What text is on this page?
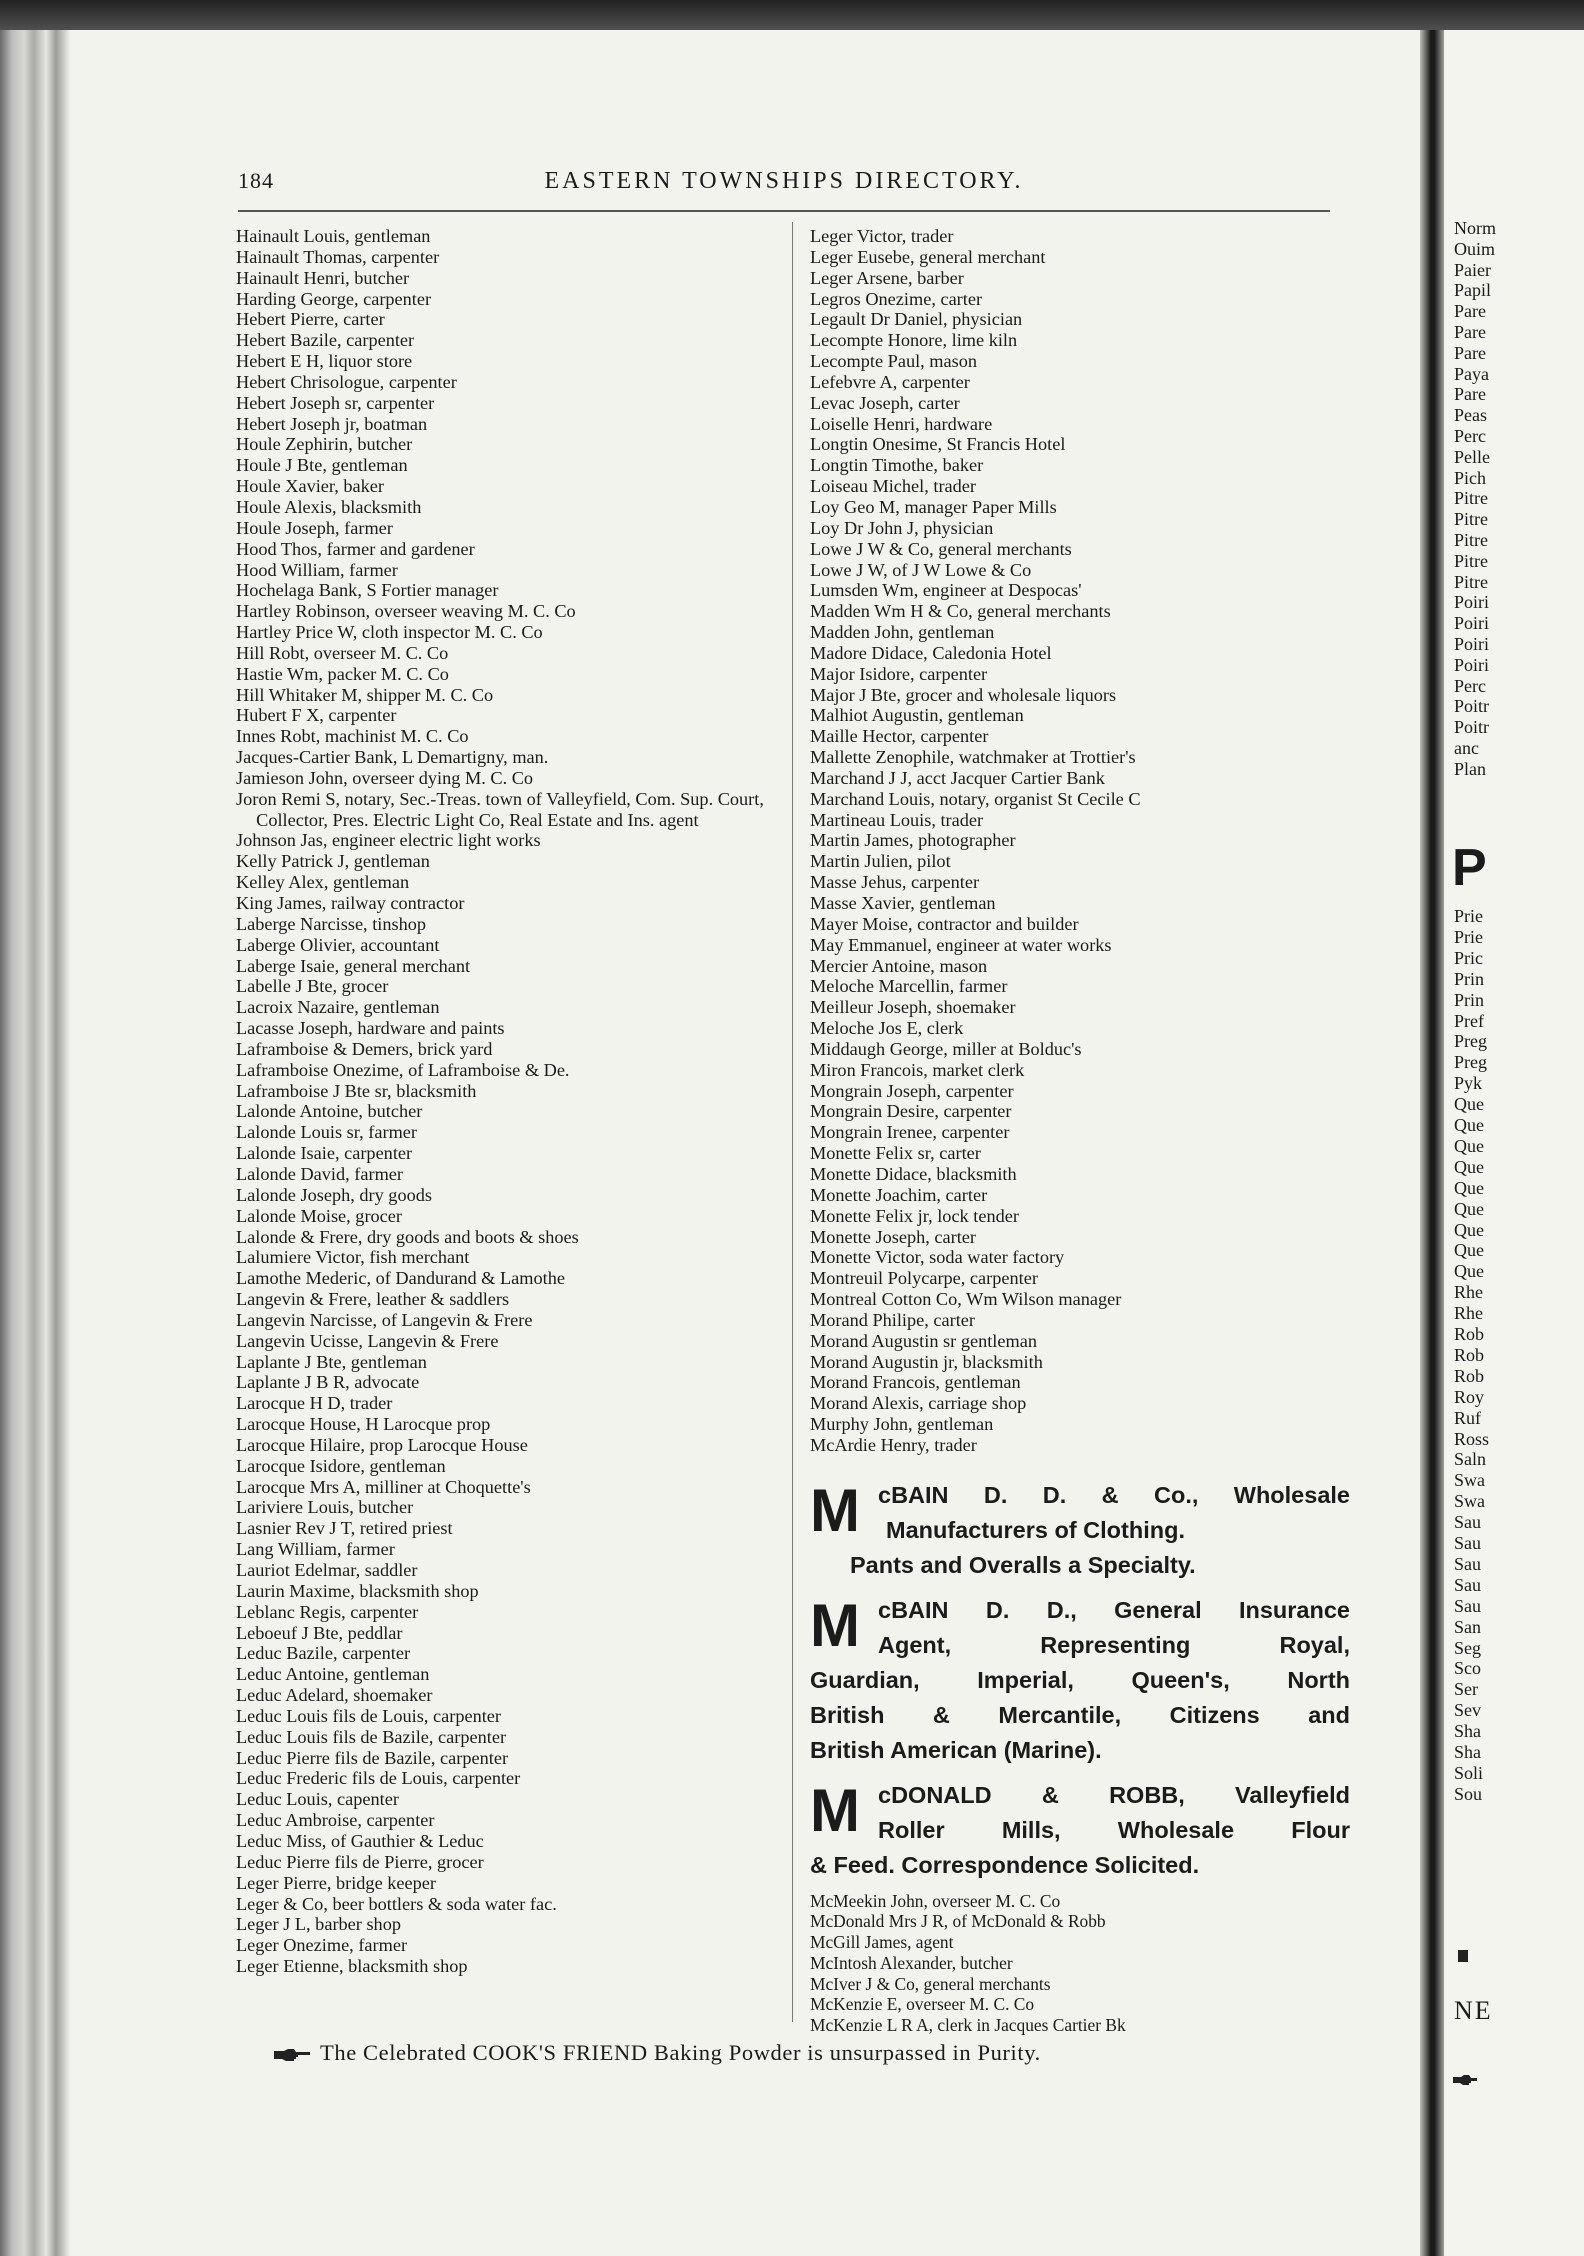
184	EASTERN TOWNSHIPS DIRECTORY.
Hainault Louis, gentleman
Hainault Thomas, carpenter
Hainault Henri, butcher
Harding George, carpenter
Hebert Pierre, carter
Hebert Bazile, carpenter
Hebert E H, liquor store
Hebert Chrisologue, carpenter
Hebert Joseph sr, carpenter
Hebert Joseph jr, boatman
Houle Zephirin, butcher
Houle J Bte, gentleman
Houle Xavier, baker
Houle Alexis, blacksmith
Houle Joseph, farmer
Hood Thos, farmer and gardener
Hood William, farmer
Hochelaga Bank, S Fortier manager
Hartley Robinson, overseer weaving M. C. Co
Hartley Price W, cloth inspector M. C. Co
Hill Robt, overseer M. C. Co
Hastie Wm, packer M. C. Co
Hill Whitaker M, shipper M. C. Co
Hubert F X, carpenter
Innes Robt, machinist M. C. Co
Jacques-Cartier Bank, L Demartigny, man.
Jamieson John, overseer dying M. C. Co
Joron Remi S, notary, Sec.-Treas. town of Valleyfield, Com. Sup. Court, Collector, Pres. Electric Light Co, Real Estate and Ins. agent
Johnson Jas, engineer electric light works
Kelly Patrick J, gentleman
Kelley Alex, gentleman
King James, railway contractor
Laberge Narcisse, tinshop
Laberge Olivier, accountant
Laberge Isaie, general merchant
Labelle J Bte, grocer
Lacroix Nazaire, gentleman
Lacasse Joseph, hardware and paints
Laframboise & Demers, brick yard
Laframboise Onezime, of Laframboise & De.
Laframboise J Bte sr, blacksmith
Lalonde Antoine, butcher
Lalonde Louis sr, farmer
Lalonde Isaie, carpenter
Lalonde David, farmer
Lalonde Joseph, dry goods
Lalonde Moise, grocer
Lalonde & Frere, dry goods and boots & shoes
Lalumiere Victor, fish merchant
Lamothe Mederic, of Dandurand & Lamothe
Langevin & Frere, leather & saddlers
Langevin Narcisse, of Langevin & Frere
Langevin Ucisse, Langevin & Frere
Laplante J Bte, gentleman
Laplante J B R, advocate
Larocque H D, trader
Larocque House, H Larocque prop
Larocque Hilaire, prop Larocque House
Larocque Isidore, gentleman
Larocque Mrs A, milliner at Choquette's
Lariviere Louis, butcher
Lasnier Rev J T, retired priest
Lang William, farmer
Lauriot Edelmar, saddler
Laurin Maxime, blacksmith shop
Leblanc Regis, carpenter
Leboeuf J Bte, peddlar
Leduc Bazile, carpenter
Leduc Antoine, gentleman
Leduc Adelard, shoemaker
Leduc Louis fils de Louis, carpenter
Leduc Louis fils de Bazile, carpenter
Leduc Pierre fils de Bazile, carpenter
Leduc Frederic fils de Louis, carpenter
Leduc Louis, capenter
Leduc Ambroise, carpenter
Leduc Miss, of Gauthier & Leduc
Leduc Pierre fils de Pierre, grocer
Leger Pierre, bridge keeper
Leger & Co, beer bottlers & soda water fac.
Leger J L, barber shop
Leger Onezime, farmer
Leger Etienne, blacksmith shop
Leger Victor, trader
Leger Eusebe, general merchant
Leger Arsene, barber
Legros Onezime, carter
Legault Dr Daniel, physician
Lecompte Honore, lime kiln
Lecompte Paul, mason
Lefebvre A, carpenter
Levac Joseph, carter
Loiselle Henri, hardware
Longtin Onesime, St Francis Hotel
Longtin Timothe, baker
Loiseau Michel, trader
Loy Geo M, manager Paper Mills
Loy Dr John J, physician
Lowe J W & Co, general merchants
Lowe J W, of J W Lowe & Co
Lumsden Wm, engineer at Despocas'
Madden Wm H & Co, general merchants
Madden John, gentleman
Madore Didace, Caledonia Hotel
Major Isidore, carpenter
Major J Bte, grocer and wholesale liquors
Malhiot Augustin, gentleman
Maille Hector, carpenter
Mallette Zenophile, watchmaker at Trottier's
Marchand J J, acct Jacquer Cartier Bank
Marchand Louis, notary, organist St Cecile C
Martineau Louis, trader
Martin James, photographer
Martin Julien, pilot
Masse Jehus, carpenter
Masse Xavier, gentleman
Mayer Moise, contractor and builder
May Emmanuel, engineer at water works
Mercier Antoine, mason
Meloche Marcellin, farmer
Meilleur Joseph, shoemaker
Meloche Jos E, clerk
Middaugh George, miller at Bolduc's
Miron Francois, market clerk
Mongrain Joseph, carpenter
Mongrain Desire, carpenter
Mongrain Irenee, carpenter
Monette Felix sr, carter
Monette Didace, blacksmith
Monette Joachim, carter
Monette Felix jr, lock tender
Monette Joseph, carter
Monette Victor, soda water factory
Montreuil Polycarpe, carpenter
Montreal Cotton Co, Wm Wilson manager
Morand Philipe, carter
Morand Augustin sr gentleman
Morand Augustin jr, blacksmith
Morand Francois, gentleman
Morand Alexis, carriage shop
Murphy John, gentleman
McArdie Henry, trader
M cBAIN D. D. & Co., Wholesale
Manufacturers of Clothing.
Pants and Overalls a Specialty.
M cBAIN D. D., General Insurance
Agent, Representing Royal,
Guardian, Imperial, Queen's, North
British & Mercantile, Citizens and
British American (Marine).
M cDONALD & ROBB, Valleyfield
Roller Mills, Wholesale Flour
& Feed. Correspondence Solicited.
McMeekin John, overseer M. C. Co
McDonald Mrs J R, of McDonald & Robb
McGill James, agent
McIntosh Alexander, butcher
McIver J & Co, general merchants
McKenzie E, overseer M. C. Co
McKenzie L R A, clerk in Jacques Cartier Bk
The Celebrated COOK'S FRIEND Baking Powder is unsurpassed in Purity.
P
NE
Norm
Ouim
Paier
Papil
Pare
Pare
Pare
Paya
Pare
Peas
Perc
Pelle
Pich
Pitre
Pitre
Pitre
Pitre
Pitre
Poiri
Poiri
Poiri
Poiri
Perc
Poitr
Poitr
anc
Plan
Prie
Prie
Pric
Prin
Prin
Pref
Preg
Preg
Pyk
Que
Que
Que
Que
Que
Que
Que
Que
Que
Rhe
Rhe
Rob
Rob
Rob
Roy
Ruf
Ross
Saln
Swa
Swa
Sau
Sau
Sau
Sau
Sau
San
Seg
Sco
Ser
Sev
Sha
Sha
Soli
Sou
